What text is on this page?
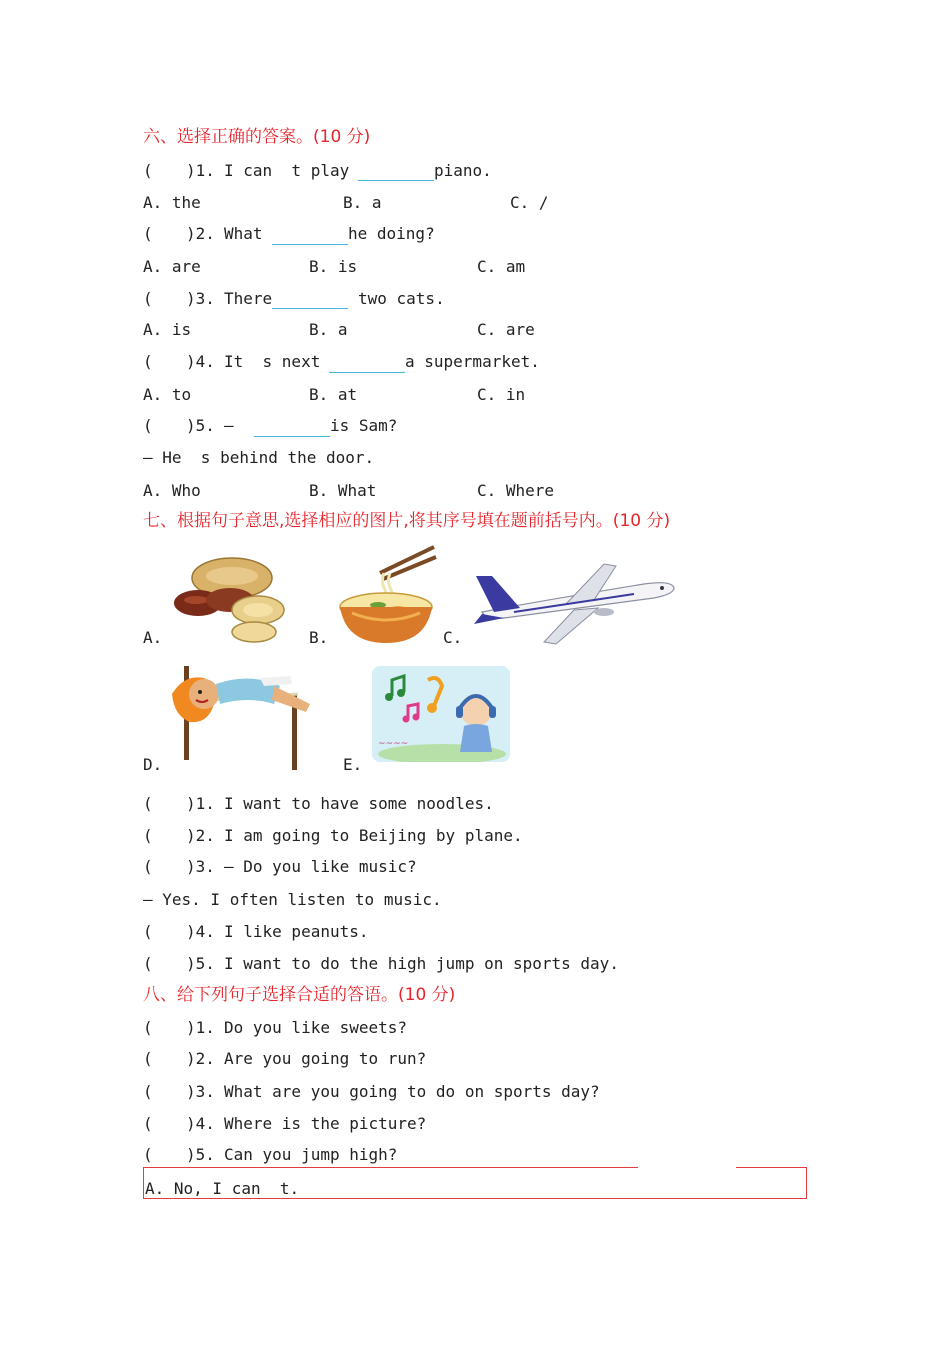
六、选择正确的答案。(10 分)
( )1. I can  t play	piano.
A. the	B. a	C. /
( )2. What	he doing?
A. are	B. is	C. am
( )3. There	two cats.
A. is	B. a	C. are
( )4. It  s next	a supermarket.
A. to	B. at	C. in
( )5. —	is Sam?
— He  s behind the door.
A. Who	B. What	C. Where
七、根据句子意思,选择相应的图片,将其序号填在题前括号内。(10 分)
A.	B.	C.
D.
~~~~
E.
( )1. I want to have some noodles.
( )2. I am going to Beijing by plane.
( )3. — Do you like music?
— Yes. I often listen to music.
( )4. I like peanuts.
( )5. I want to do the high jump on sports day.
八、给下列句子选择合适的答语。(10 分)
( )1. Do you like sweets?
( )2. Are you going to run?
( )3. What are you going to do on sports day?
( )4. Where is the picture?
( )5. Can you jump high?
A. No, I can  t.
